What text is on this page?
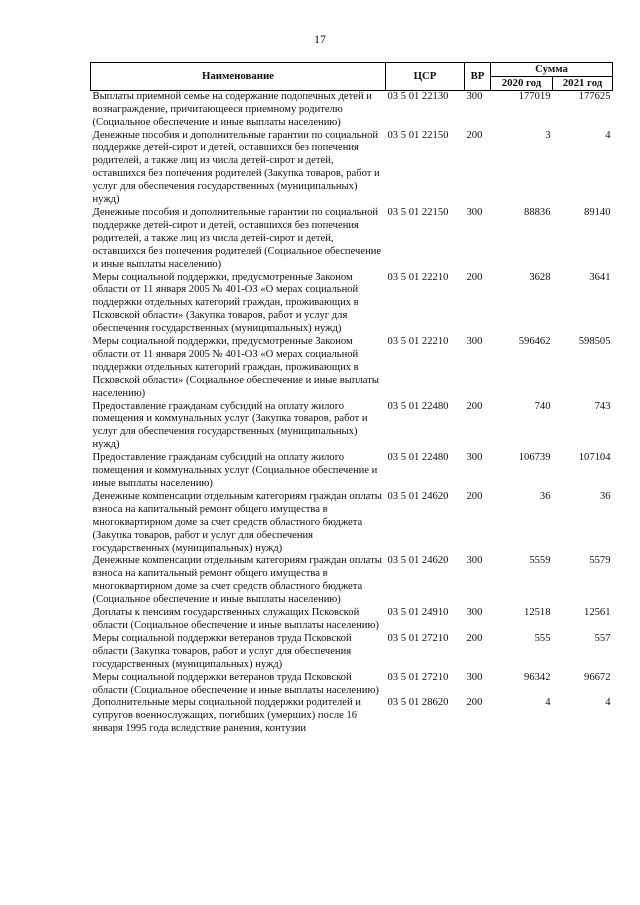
17
Наименование	ЦСР	ВР	Сумма	
			2020 год	2021 год
Выплаты приемной семье на содержание подопечных детей и вознаграждение, причитающееся приемному родителю (Социальное обеспечение и иные выплаты населению)	03 5 01 22130	300	177019	177625
Денежные пособия и дополнительные гарантии по социальной поддержке детей-сирот и детей, оставшихся без попечения родителей, а также лиц из числа детей-сирот и детей, оставшихся без попечения родителей (Закупка товаров, работ и услуг для обеспечения государственных (муниципальных) нужд)	03 5 01 22150	200	3	4
Денежные пособия и дополнительные гарантии по социальной поддержке детей-сирот и детей, оставшихся без попечения родителей, а также лиц из числа детей-сирот и детей, оставшихся без попечения родителей (Социальное обеспечение и иные выплаты населению)	03 5 01 22150	300	88836	89140
Меры социальной поддержки, предусмотренные Законом области от 11 января 2005 № 401-ОЗ «О мерах социальной поддержки отдельных категорий граждан, проживающих в Псковской области» (Закупка товаров, работ и услуг для обеспечения государственных (муниципальных) нужд)	03 5 01 22210	200	3628	3641
Меры социальной поддержки, предусмотренные Законом области от 11 января 2005 № 401-ОЗ «О мерах социальной поддержки отдельных категорий граждан, проживающих в Псковской области» (Социальное обеспечение и иные выплаты населению)	03 5 01 22210	300	596462	598505
Предоставление гражданам субсидий на оплату жилого помещения и коммунальных услуг (Закупка товаров, работ и услуг для обеспечения государственных (муниципальных) нужд)	03 5 01 22480	200	740	743
Предоставление гражданам субсидий на оплату жилого помещения и коммунальных услуг (Социальное обеспечение и иные выплаты населению)	03 5 01 22480	300	106739	107104
Денежные компенсации отдельным категориям граждан оплаты взноса на капитальный ремонт общего имущества в многоквартирном доме за счет средств областного бюджета (Закупка товаров, работ и услуг для обеспечения государственных (муниципальных) нужд)	03 5 01 24620	200	36	36
Денежные компенсации отдельным категориям граждан оплаты взноса на капитальный ремонт общего имущества в многоквартирном доме за счет средств областного бюджета (Социальное обеспечение и иные выплаты населению)	03 5 01 24620	300	5559	5579
Доплаты к пенсиям государственных служащих Псковской области (Социальное обеспечение и иные выплаты населению)	03 5 01 24910	300	12518	12561
Меры социальной поддержки ветеранов труда Псковской области (Закупка товаров, работ и услуг для обеспечения государственных (муниципальных) нужд)	03 5 01 27210	200	555	557
Меры социальной поддержки ветеранов труда Псковской области (Социальное обеспечение и иные выплаты населению)	03 5 01 27210	300	96342	96672
Дополнительные меры социальной поддержки родителей и супругов военнослужащих, погибших (умерших) после 16 января 1995 года вследствие ранения, контузии	03 5 01 28620	200	4	4
